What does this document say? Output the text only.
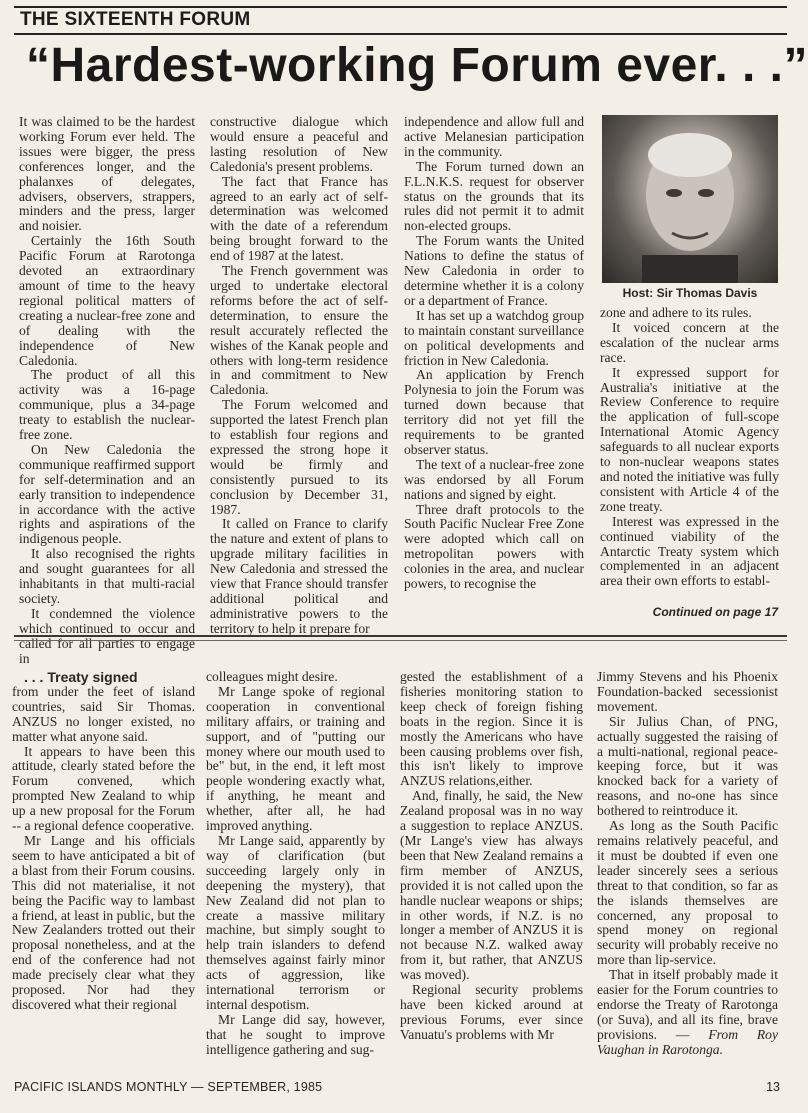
THE SIXTEENTH FORUM
“Hardest-working Forum ever. . .”

It was claimed to be the hardest working Forum ever held. The issues were bigger, the press conferences longer, and the phalanxes of delegates, advisers, observers, strappers, minders and the press, larger and noisier.

Certainly the 16th South Pacific Forum at Rarotonga devoted an extraordinary amount of time to the heavy regional political matters of creating a nuclear-free zone and of dealing with the independence of New Caledonia.

The product of all this activity was a 16-page communique, plus a 34-page treaty to establish the nuclear-free zone.

On New Caledonia the communique reaffirmed support for self-determination and an early transition to independence in accordance with the active rights and aspirations of the indigenous people.

It also recognised the rights and sought guarantees for all inhabitants in that multi-racial society.

It condemned the violence which continued to occur and called for all parties to engage in

constructive dialogue which would ensure a peaceful and lasting resolution of New Caledonia's present problems.

The fact that France has agreed to an early act of self-determination was welcomed with the date of a referendum being brought forward to the end of 1987 at the latest.

The French government was urged to undertake electoral reforms before the act of self-determination, to ensure the result accurately reflected the wishes of the Kanak people and others with long-term residence in and commitment to New Caledonia.

The Forum welcomed and supported the latest French plan to establish four regions and expressed the strong hope it would be firmly and consistently pursued to its conclusion by December 31, 1987.

It called on France to clarify the nature and extent of plans to upgrade military facilities in New Caledonia and stressed the view that France should transfer additional political and administrative powers to the territory to help it prepare for

independence and allow full and active Melanesian participation in the community.

The Forum turned down an F.L.N.K.S. request for observer status on the grounds that its rules did not permit it to admit non-elected groups.

The Forum wants the United Nations to define the status of New Caledonia in order to determine whether it is a colony or a department of France.

It has set up a watchdog group to maintain constant surveillance on political developments and friction in New Caledonia.

An application by French Polynesia to join the Forum was turned down because that territory did not yet fill the requirements to be granted observer status.

The text of a nuclear-free zone was endorsed by all Forum nations and signed by eight.

Three draft protocols to the South Pacific Nuclear Free Zone were adopted which call on metropolitan powers with colonies in the area, and nuclear powers, to recognise the

Host: Sir Thomas Davis

zone and adhere to its rules.

It voiced concern at the escalation of the nuclear arms race.

It expressed support for Australia's initiative at the Review Conference to require the application of full-scope International Atomic Agency safeguards to all nuclear exports to non-nuclear weapons states and noted the initiative was fully consistent with Article 4 of the zone treaty.

Interest was expressed in the continued viability of the Antarctic Treaty system which complemented in an adjacent area their own efforts to establ-

Continued on page 17

. . . Treaty signed

from under the feet of island countries, said Sir Thomas. ANZUS no longer existed, no matter what anyone said.

It appears to have been this attitude, clearly stated before the Forum convened, which prompted New Zealand to whip up a new proposal for the Forum -- a regional defence cooperative.

Mr Lange and his officials seem to have anticipated a bit of a blast from their Forum cousins. This did not materialise, it not being the Pacific way to lambast a friend, at least in public, but the New Zealanders trotted out their proposal nonetheless, and at the end of the conference had not made precisely clear what they proposed. Nor had they discovered what their regional

colleagues might desire.

Mr Lange spoke of regional cooperation in conventional military affairs, or training and support, and of "putting our money where our mouth used to be" but, in the end, it left most people wondering exactly what, if anything, he meant and whether, after all, he had improved anything.

Mr Lange said, apparently by way of clarification (but succeeding largely only in deepening the mystery), that New Zealand did not plan to create a massive military machine, but simply sought to help train islanders to defend themselves against fairly minor acts of aggression, like international terrorism or internal despotism.

Mr Lange did say, however, that he sought to improve intelligence gathering and sug-

gested the establishment of a fisheries monitoring station to keep check of foreign fishing boats in the region. Since it is mostly the Americans who have been causing problems over fish, this isn't likely to improve ANZUS relations,either.

And, finally, he said, the New Zealand proposal was in no way a suggestion to replace ANZUS. (Mr Lange's view has always been that New Zealand remains a firm member of ANZUS, provided it is not called upon the handle nuclear weapons or ships; in other words, if N.Z. is no longer a member of ANZUS it is not because N.Z. walked away from it, but rather, that ANZUS was moved).

Regional security problems have been kicked around at previous Forums, ever since Vanuatu's problems with Mr

Jimmy Stevens and his Phoenix Foundation-backed secessionist movement.

Sir Julius Chan, of PNG, actually suggested the raising of a multi-national, regional peace-keeping force, but it was knocked back for a variety of reasons, and no-one has since bothered to reintroduce it.

As long as the South Pacific remains relatively peaceful, and it must be doubted if even one leader sincerely sees a serious threat to that condition, so far as the islands themselves are concerned, any proposal to spend money on regional security will probably receive no more than lip-service.

That in itself probably made it easier for the Forum countries to endorse the Treaty of Rarotonga (or Suva), and all its fine, brave provisions. — From Roy Vaughan in Rarotonga.

PACIFIC ISLANDS MONTHLY — SEPTEMBER, 1985	13
